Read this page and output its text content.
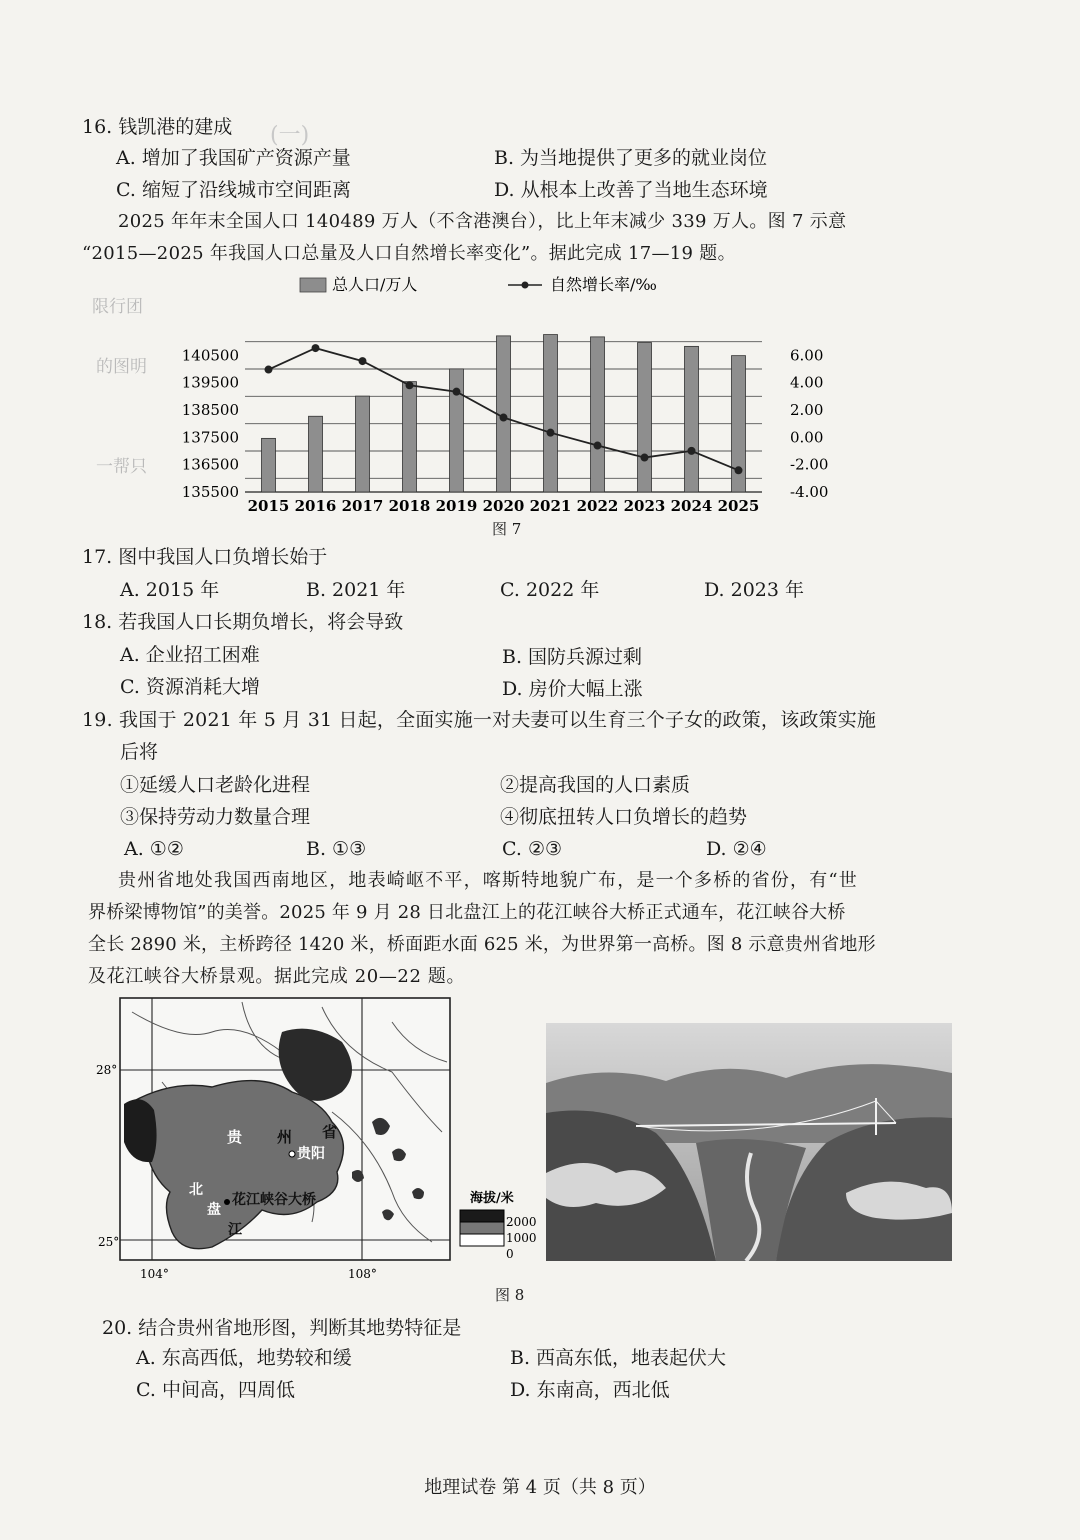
(一)
16. 钱凯港的建成
A. 增加了我国矿产资源产量	B. 为当地提供了更多的就业岗位
C. 缩短了沿线城市空间距离	D. 从根本上改善了当地生态环境
2025 年年末全国人口 140489 万人（不含港澳台），比上年末减少 339 万人。图 7 示意
“2015—2025 年我国人口总量及人口自然增长率变化”。据此完成 17—19 题。
总人口/万人	自然增长率/‰
140500
139500
138500
137500
136500
135500
6.00
4.00
2.00
0.00
-2.00
-4.00
2015 2016 2017 2018 2019 2020 2021 2022 2023 2024 2025
限行团
的图明
一帮只
图 7
17. 图中我国人口负增长始于
A. 2015 年	B. 2021 年	C. 2022 年	D. 2023 年
18. 若我国人口长期负增长，将会导致
A. 企业招工困难	B. 国防兵源过剩
C. 资源消耗大增	D. 房价大幅上涨
19. 我国于 2021 年 5 月 31 日起，全面实施一对夫妻可以生育三个子女的政策，该政策实施
后将
①延缓人口老龄化进程	②提高我国的人口素质
③保持劳动力数量合理	④彻底扭转人口负增长的趋势
A. ①②	B. ①③	C. ②③	D. ②④
贵州省地处我国西南地区，地表崎岖不平，喀斯特地貌广布，是一个多桥的省份，有“世
界桥梁博物馆”的美誉。2025 年 9 月 28 日北盘江上的花江峡谷大桥正式通车，花江峡谷大桥
全长 2890 米，主桥跨径 1420 米，桥面距水面 625 米，为世界第一高桥。图 8 示意贵州省地形
及花江峡谷大桥景观。据此完成 20—22 题。
贵 州 省
贵阳
北
盘
江
花江峡谷大桥
28°
25°
104°	108°
海拔/米
2000
1000
0
图 8
20. 结合贵州省地形图，判断其地势特征是
A. 东高西低，地势较和缓	B. 西高东低，地表起伏大
C. 中间高，四周低	D. 东南高，西北低
地理试卷 第 4 页（共 8 页）
